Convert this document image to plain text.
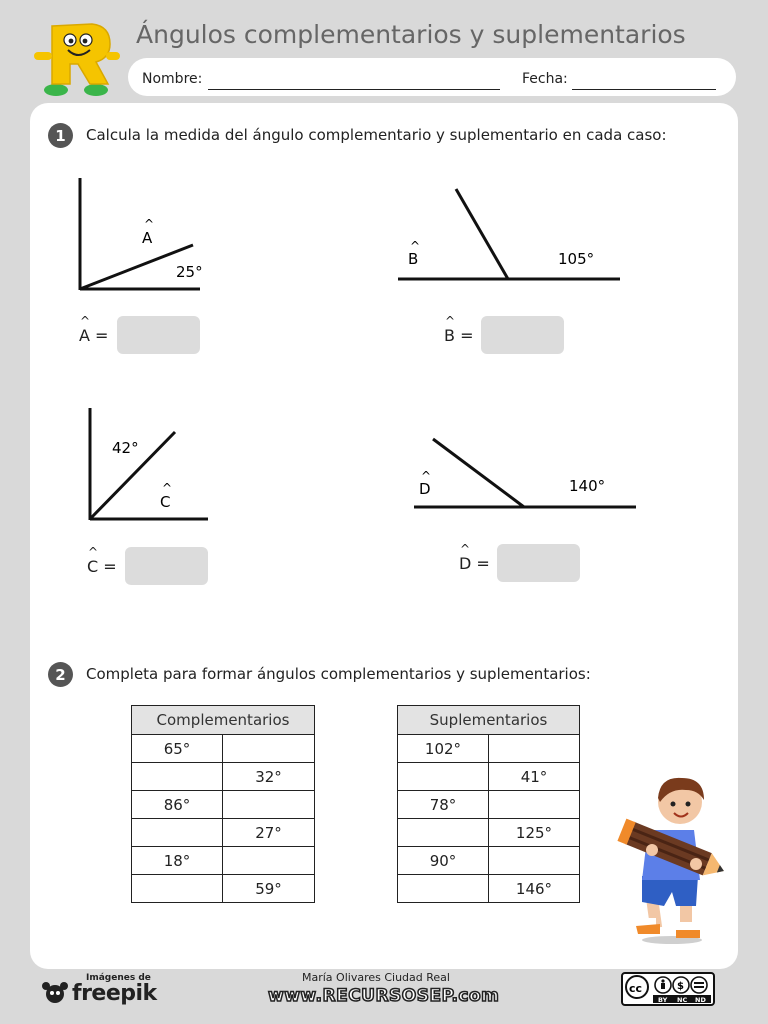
Ángulos complementarios y suplementarios
Nombre:	Fecha:
1	Calcula la medida del ángulo complementario y suplementario en cada caso:
^
A
25°
^
A =
^
B	105°
^
B =
42°
^
C
^
C =
^
D	140°
^
D =
2	Completa para formar ángulos complementarios y suplementarios:
Complementarios	
65°	
	32°
86°	
	27°
18°	
	59°
Suplementarios	
102°	
	41°
78°	
	125°
90°	
	146°
Imágenes de
freepik
María Olivares Ciudad Real
www.RECURSOSEP.com	cc	$
BY NC ND
